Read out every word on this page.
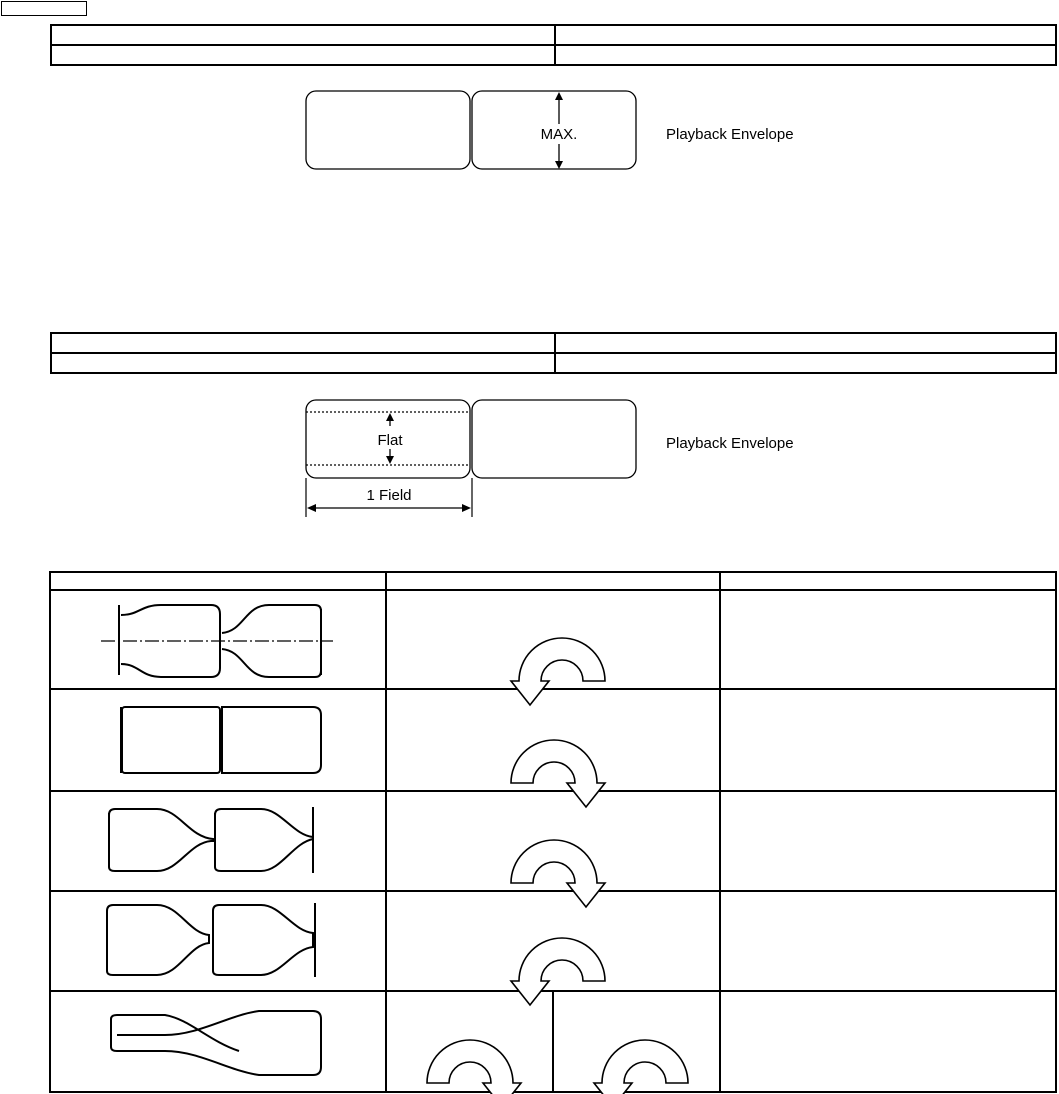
MAX.	Playback Envelope
Flat	Playback Envelope
1 Field
